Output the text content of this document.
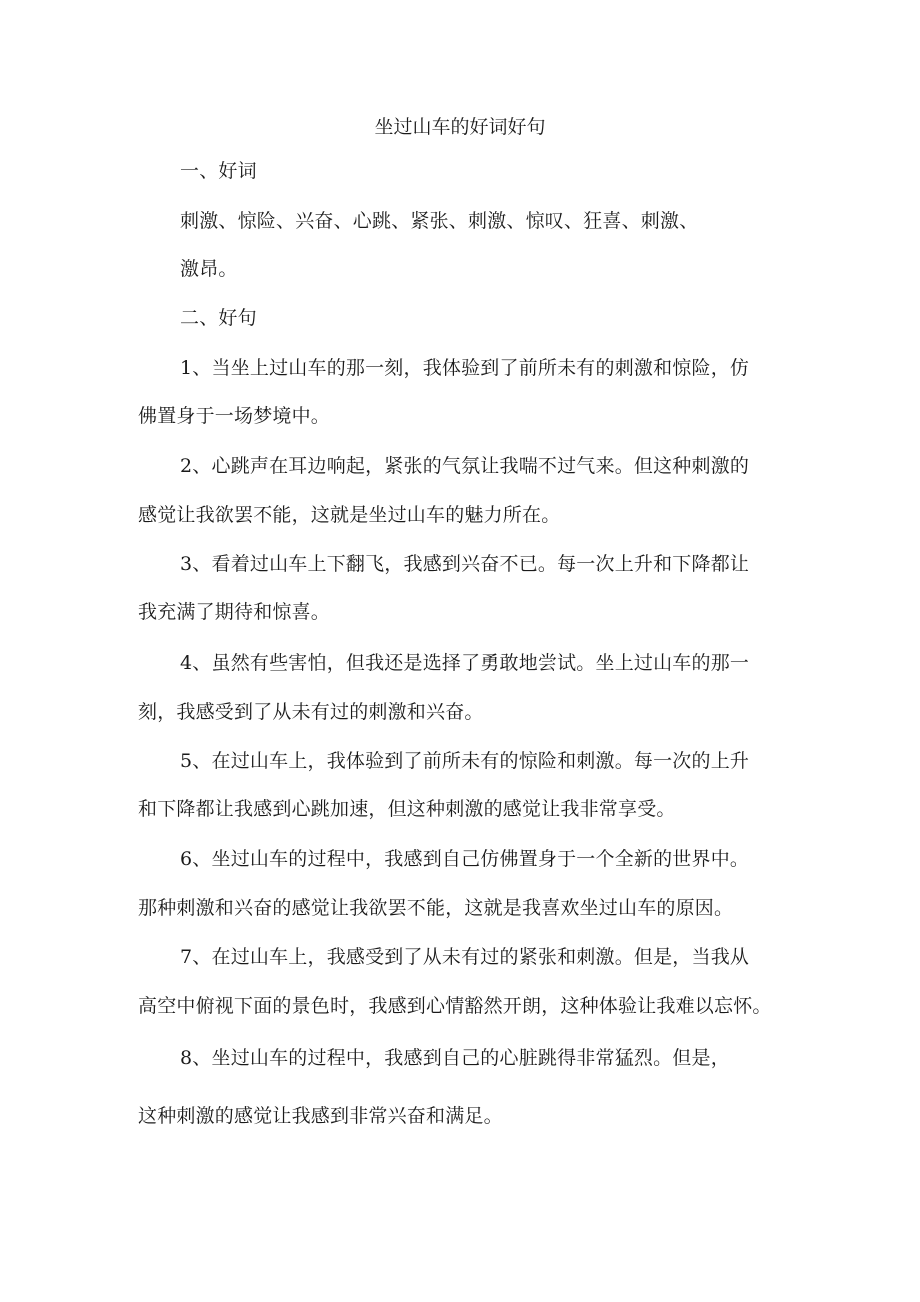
坐过山车的好词好句
一、好词
刺激、惊险、兴奋、心跳、紧张、刺激、惊叹、狂喜、刺激、
激昂。
二、好句
1、当坐上过山车的那一刻，我体验到了前所未有的刺激和惊险，仿
佛置身于一场梦境中。
2、心跳声在耳边响起，紧张的气氛让我喘不过气来。但这种刺激的
感觉让我欲罢不能，这就是坐过山车的魅力所在。
3、看着过山车上下翻飞，我感到兴奋不已。每一次上升和下降都让
我充满了期待和惊喜。
4、虽然有些害怕，但我还是选择了勇敢地尝试。坐上过山车的那一
刻，我感受到了从未有过的刺激和兴奋。
5、在过山车上，我体验到了前所未有的惊险和刺激。每一次的上升
和下降都让我感到心跳加速，但这种刺激的感觉让我非常享受。
6、坐过山车的过程中，我感到自己仿佛置身于一个全新的世界中。
那种刺激和兴奋的感觉让我欲罢不能，这就是我喜欢坐过山车的原因。
7、在过山车上，我感受到了从未有过的紧张和刺激。但是，当我从
高空中俯视下面的景色时，我感到心情豁然开朗，这种体验让我难以忘怀。
8、坐过山车的过程中，我感到自己的心脏跳得非常猛烈。但是，
这种刺激的感觉让我感到非常兴奋和满足。
